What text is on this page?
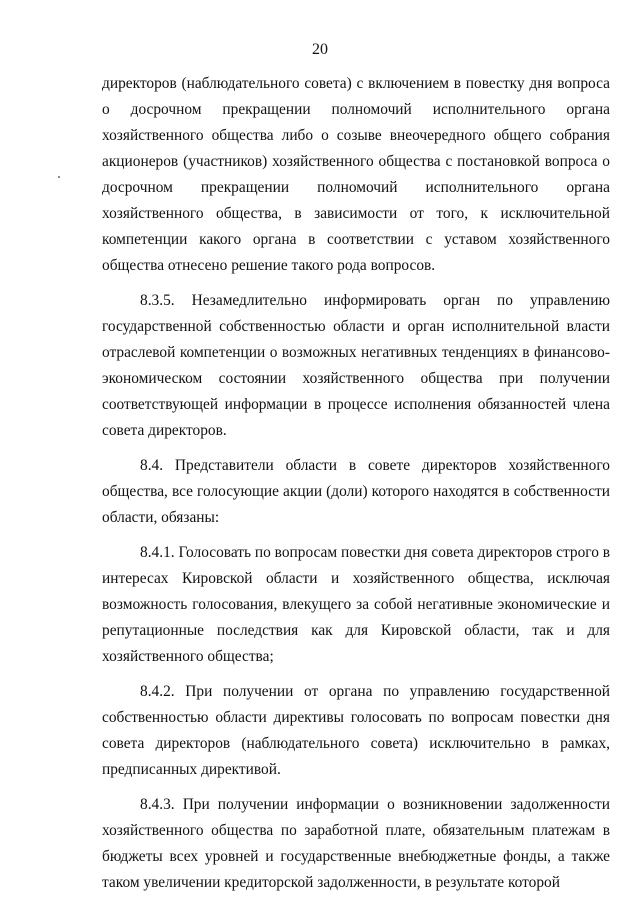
20

директоров (наблюдательного совета) с включением в повестку дня вопроса о досрочном прекращении полномочий исполнительного органа хозяйственного общества либо о созыве внеочередного общего собрания акционеров (участников) хозяйственного общества с постановкой вопроса о досрочном прекращении полномочий исполнительного органа хозяйственного общества, в зависимости от того, к исключительной компетенции какого органа в соответствии с уставом хозяйственного общества отнесено решение такого рода вопросов.

8.3.5. Незамедлительно информировать орган по управлению государственной собственностью области и орган исполнительной власти отраслевой компетенции о возможных негативных тенденциях в финансово-экономическом состоянии хозяйственного общества при получении соответствующей информации в процессе исполнения обязанностей члена совета директоров.

8.4. Представители области в совете директоров хозяйственного общества, все голосующие акции (доли) которого находятся в собственности области, обязаны:

8.4.1. Голосовать по вопросам повестки дня совета директоров строго в интересах Кировской области и хозяйственного общества, исключая возможность голосования, влекущего за собой негативные экономические и репутационные последствия как для Кировской области, так и для хозяйственного общества;

8.4.2. При получении от органа по управлению государственной собственностью области директивы голосовать по вопросам повестки дня совета директоров (наблюдательного совета) исключительно в рамках, предписанных директивой.

8.4.3. При получении информации о возникновении задолженности хозяйственного общества по заработной плате, обязательным платежам в бюджеты всех уровней и государственные внебюджетные фонды, а также таком увеличении кредиторской задолженности, в результате которой
